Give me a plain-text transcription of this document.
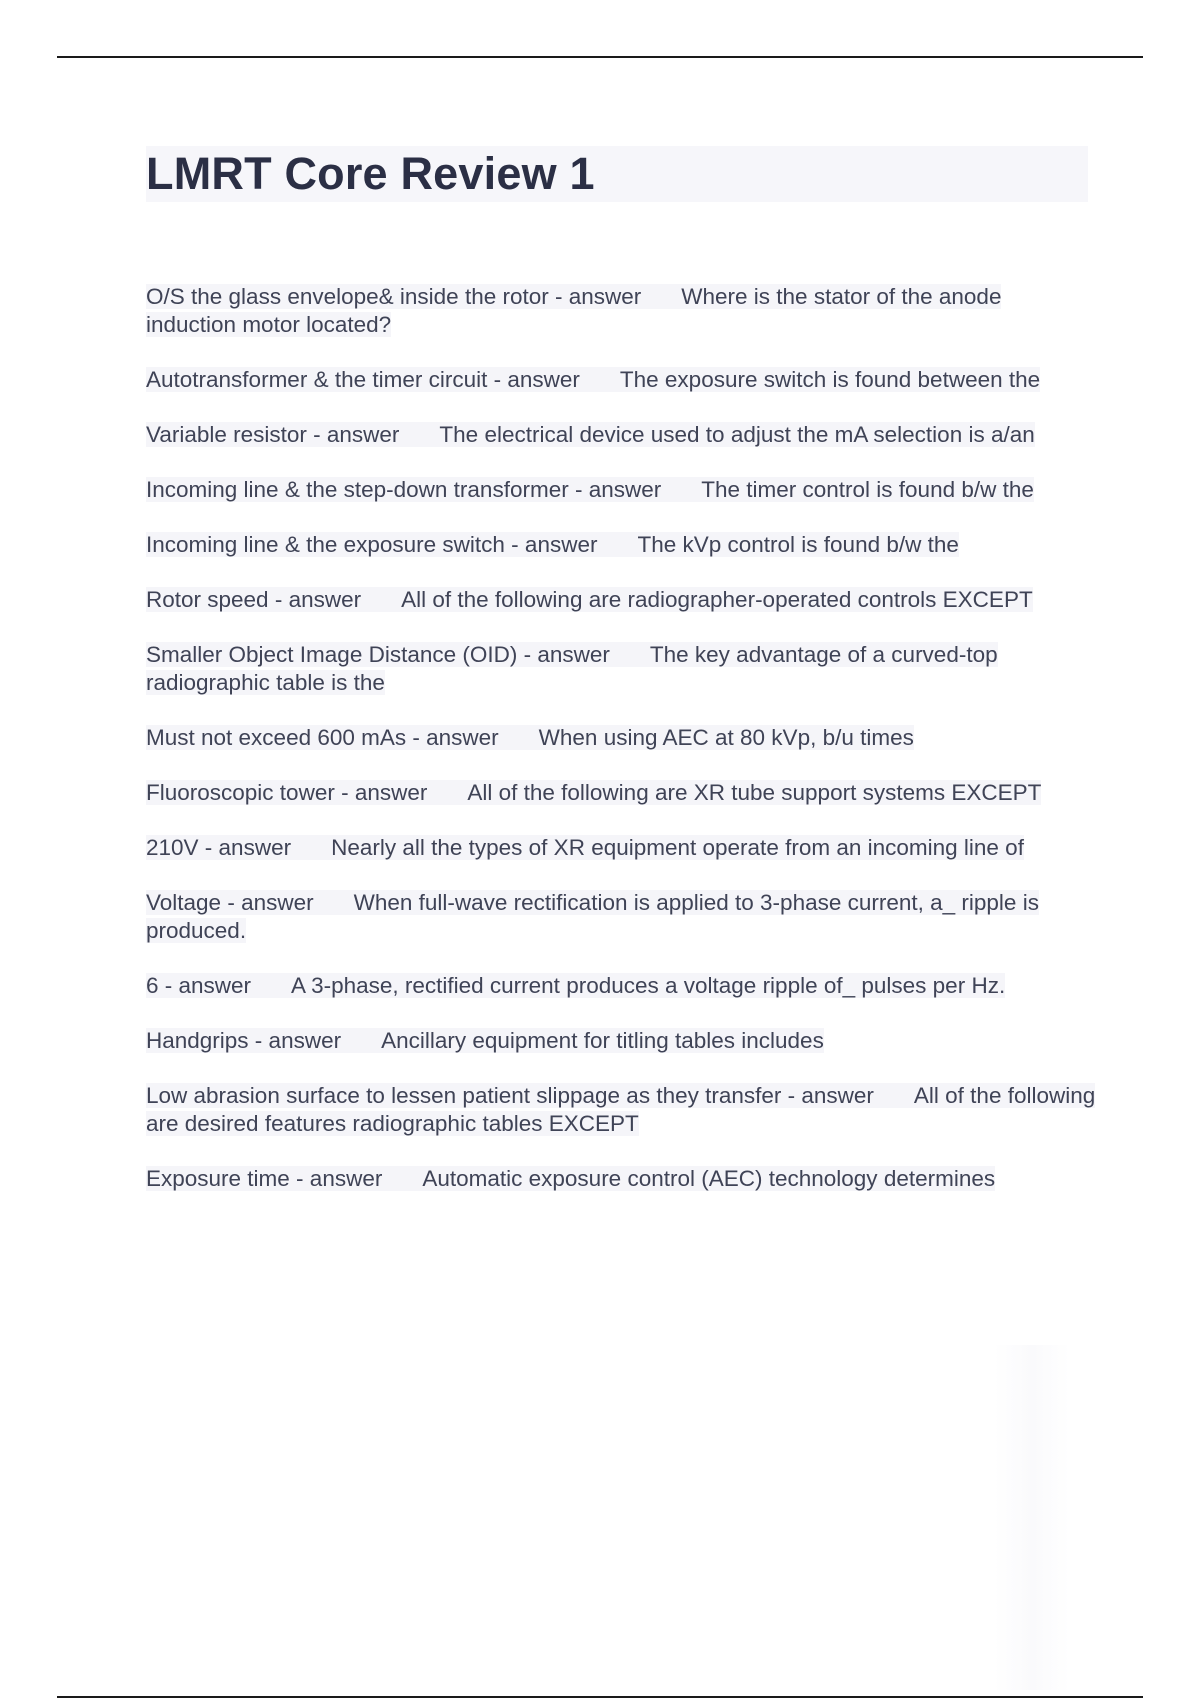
LMRT Core Review 1

O/S the glass envelope& inside the rotor - answer Where is the stator of the anode induction motor located?

Autotransformer & the timer circuit - answer The exposure switch is found between the

Variable resistor - answer The electrical device used to adjust the mA selection is a/an

Incoming line & the step-down transformer - answer The timer control is found b/w the

Incoming line & the exposure switch - answer The kVp control is found b/w the

Rotor speed - answer All of the following are radiographer-operated controls EXCEPT

Smaller Object Image Distance (OID) - answer The key advantage of a curved-top radiographic table is the

Must not exceed 600 mAs - answer When using AEC at 80 kVp, b/u times

Fluoroscopic tower - answer All of the following are XR tube support systems EXCEPT

210V - answer Nearly all the types of XR equipment operate from an incoming line of

Voltage - answer When full-wave rectification is applied to 3-phase current, a_ ripple is produced.

6 - answer A 3-phase, rectified current produces a voltage ripple of_ pulses per Hz.

Handgrips - answer Ancillary equipment for titling tables includes

Low abrasion surface to lessen patient slippage as they transfer - answer All of the following are desired features radiographic tables EXCEPT

Exposure time - answer Automatic exposure control (AEC) technology determines
